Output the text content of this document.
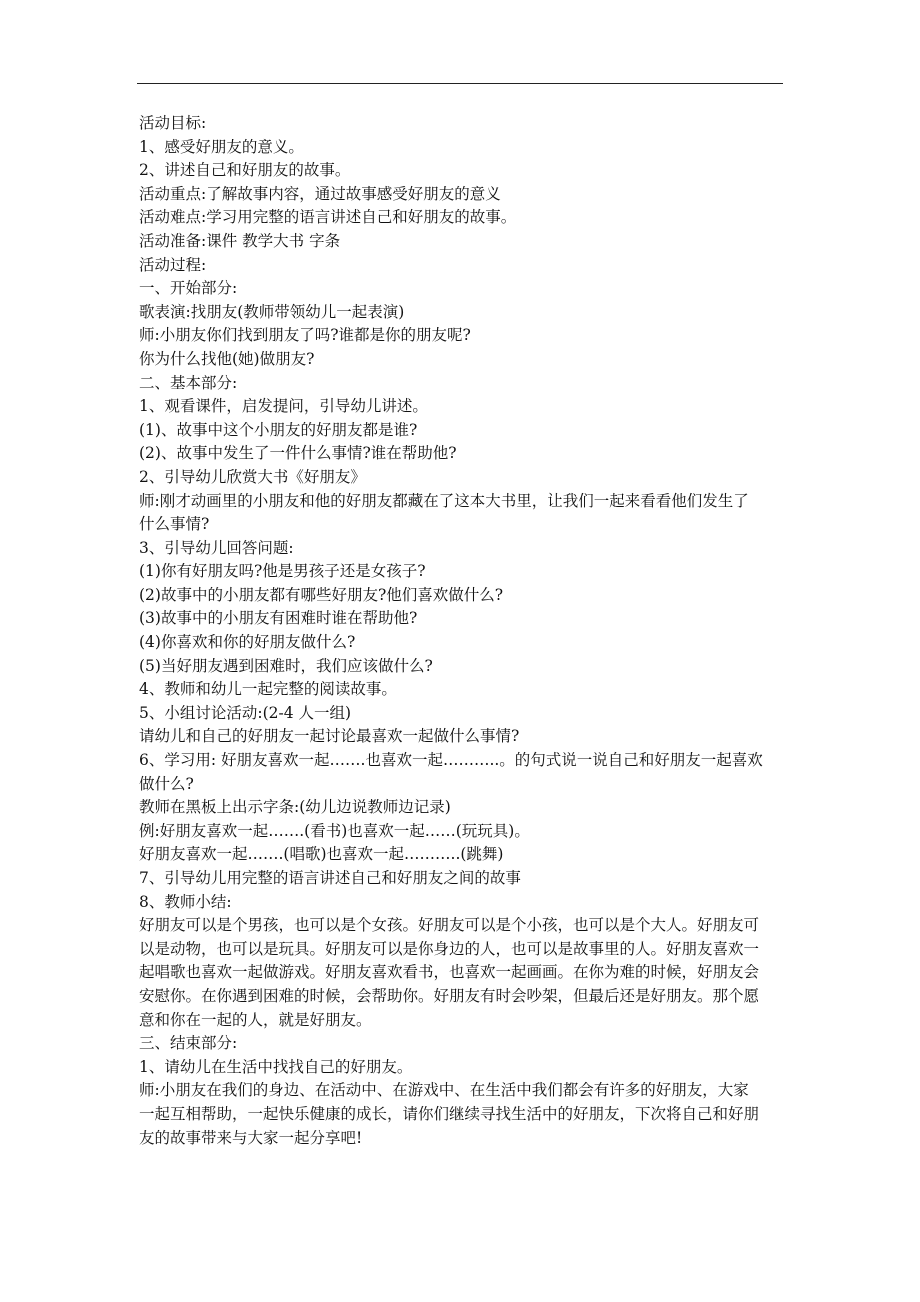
活动目标:
1、感受好朋友的意义。
2、讲述自己和好朋友的故事。
活动重点:了解故事内容，通过故事感受好朋友的意义
活动难点:学习用完整的语言讲述自己和好朋友的故事。
活动准备:课件 教学大书 字条
活动过程:
一、开始部分:
歌表演:找朋友(教师带领幼儿一起表演)
师:小朋友你们找到朋友了吗?谁都是你的朋友呢?
你为什么找他(她)做朋友?
二、基本部分:
1、观看课件，启发提问，引导幼儿讲述。
(1)、故事中这个小朋友的好朋友都是谁?
(2)、故事中发生了一件什么事情?谁在帮助他?
2、引导幼儿欣赏大书《好朋友》
师:刚才动画里的小朋友和他的好朋友都藏在了这本大书里，让我们一起来看看他们发生了
什么事情?
3、引导幼儿回答问题:
(1)你有好朋友吗?他是男孩子还是女孩子?
(2)故事中的小朋友都有哪些好朋友?他们喜欢做什么?
(3)故事中的小朋友有困难时谁在帮助他?
(4)你喜欢和你的好朋友做什么?
(5)当好朋友遇到困难时，我们应该做什么?
4、教师和幼儿一起完整的阅读故事。
5、小组讨论活动:(2-4 人一组)
请幼儿和自己的好朋友一起讨论最喜欢一起做什么事情?
6、学习用: 好朋友喜欢一起…….也喜欢一起………..。的句式说一说自己和好朋友一起喜欢
做什么?
教师在黑板上出示字条:(幼儿边说教师边记录)
例:好朋友喜欢一起…….(看书)也喜欢一起……(玩玩具)。
好朋友喜欢一起…….(唱歌)也喜欢一起………..(跳舞)
7、引导幼儿用完整的语言讲述自己和好朋友之间的故事
8、教师小结:
好朋友可以是个男孩，也可以是个女孩。好朋友可以是个小孩，也可以是个大人。好朋友可
以是动物，也可以是玩具。好朋友可以是你身边的人，也可以是故事里的人。好朋友喜欢一
起唱歌也喜欢一起做游戏。好朋友喜欢看书，也喜欢一起画画。在你为难的时候，好朋友会
安慰你。在你遇到困难的时候，会帮助你。好朋友有时会吵架，但最后还是好朋友。那个愿
意和你在一起的人，就是好朋友。
三、结束部分:
1、请幼儿在生活中找找自己的好朋友。
师:小朋友在我们的身边、在活动中、在游戏中、在生活中我们都会有许多的好朋友，大家
一起互相帮助，一起快乐健康的成长，请你们继续寻找生活中的好朋友，下次将自己和好朋
友的故事带来与大家一起分享吧!
